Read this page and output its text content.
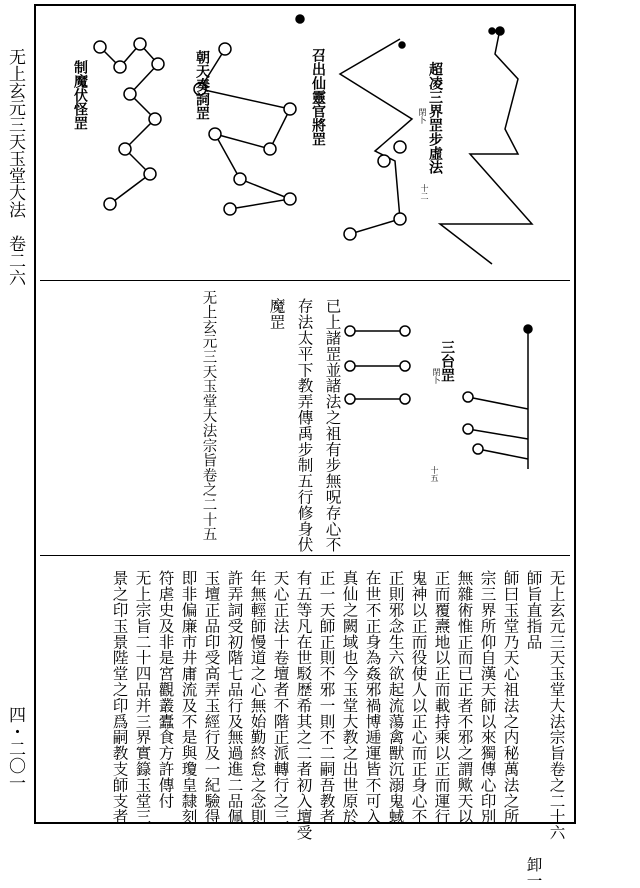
无上玄元三天玉堂大法　卷二六
四・二〇一
超凌三界罡步虛法
閉卜
十二
召出仙靈官將罡
朝天奏詞罡
制魔伏怪罡
三台罡
閉卜
十五
已上諸罡並諸法之祖有步無呪存心不
存法太平下教弄傳禹步制五行修身伏
魔罡
无上玄元三天玉堂大法宗旨卷之二十五
无上玄元三天玉堂大法宗旨卷之二十六
師旨直指品　　　　　　　　　　　　　卸一
師曰玉堂乃天心祖法之内秘萬法之所
宗三界所仰自漢天師以來獨傳心印別
無雜術惟正而已正者不邪之謂歟天以
正而覆燾地以正而載持乘以正而運行
鬼神以正而役使人以正心而正身心不
正則邪念生六欲起流蕩禽獸沉溺鬼蜮
在世不正身為姦邪禍博逓運皆不可入
真仙之闕域也今玉堂大教之出世原於
正一天師正則不邪一則不二嗣吾教者
有五等凡在世駁歴希其之二者初入壇受
天心正法十卷壇者不階正派轉行之三
年無輕師慢道之心無始勤終怠之念則
許弄詞受初階七品行及無過進二品佩
玉壇正品印受高弄玉經行及一紀驗得
即非偏廉市井庸流及不是與瓊皇隸刻
符虐史及非是宮觀叢蠹食方許傳付
无上宗旨二十四品并三界實籙玉堂三
景之印玉景陛堂之印爲嗣教支師支者
